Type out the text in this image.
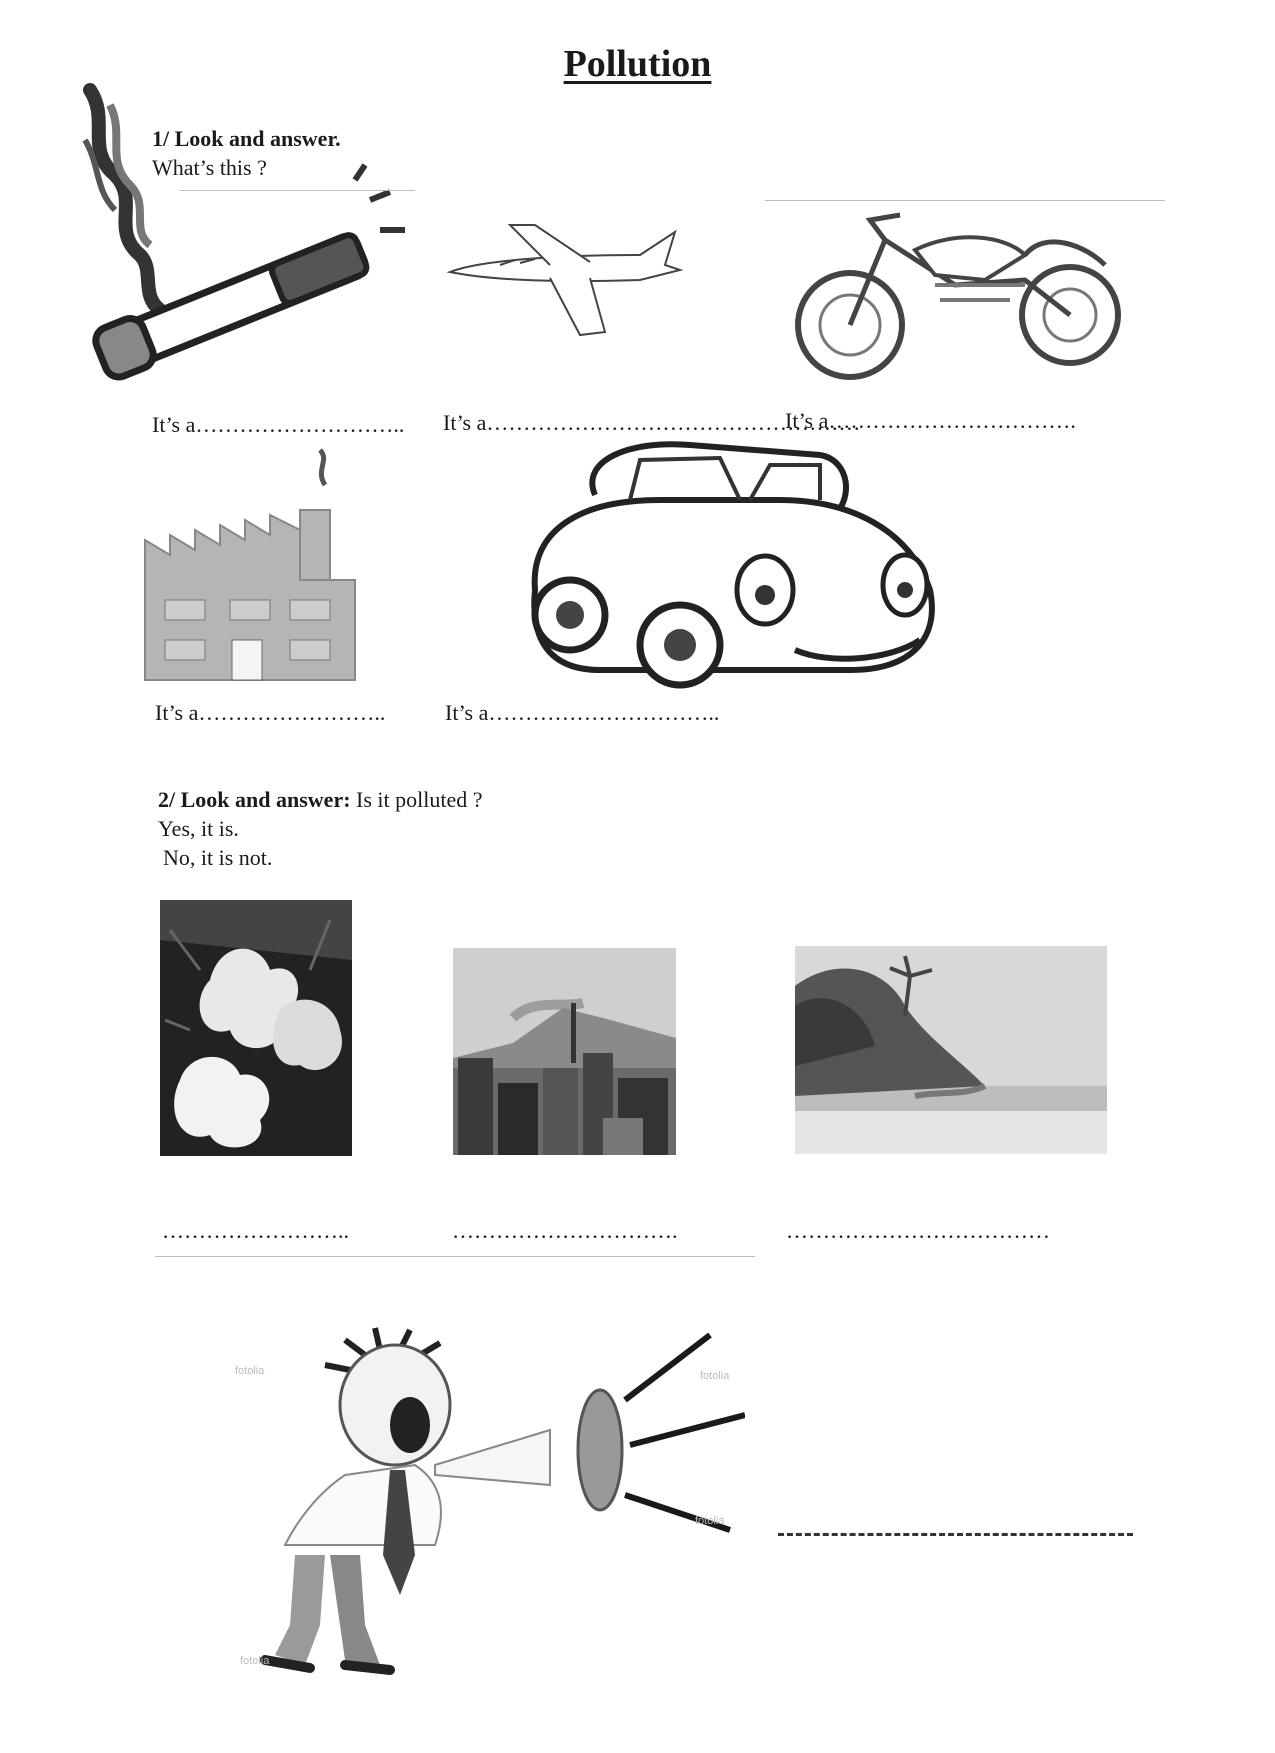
Pollution
1/ Look and answer.
What’s this ?
It’s a……………………….. It’s a……………………………………………
It’s a…………………………….
It’s a……………………..	It’s a…………………………..
2/ Look and answer: Is it polluted ?
Yes, it is.
No, it is not.
……………………..	………………………….	………………………………
fotolia	fotolia
fotolia
fotolia
